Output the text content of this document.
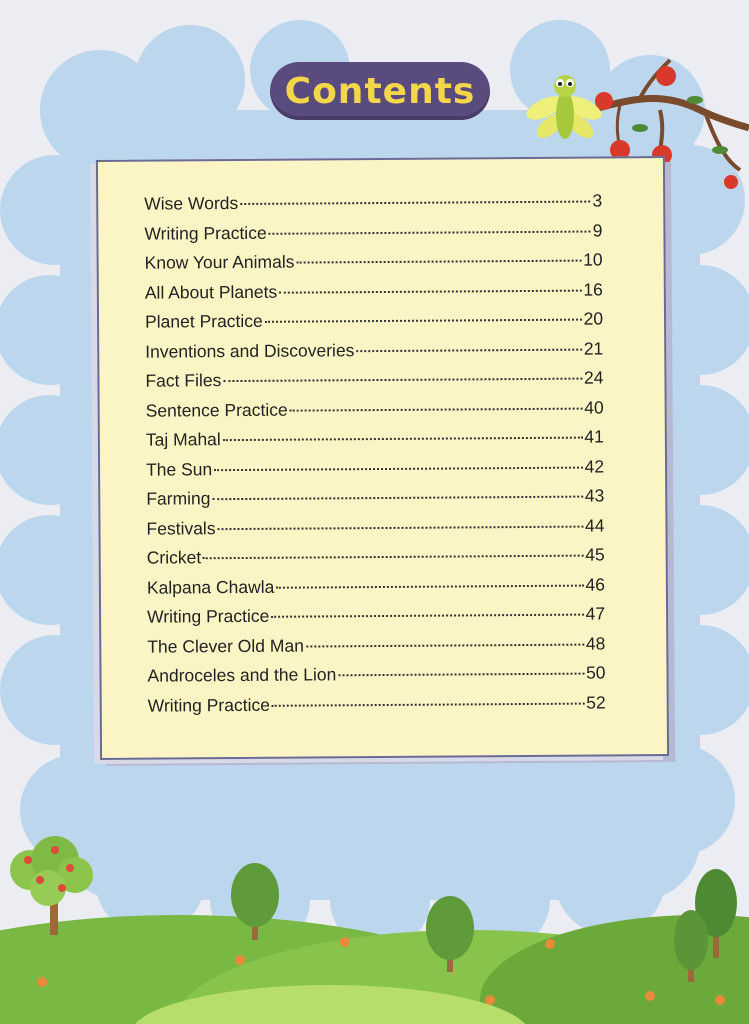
Contents
Wise Words	3
Writing Practice	9
Know Your Animals	10
All About Planets	16
Planet Practice	20
Inventions and Discoveries	21
Fact Files	24
Sentence Practice	40
Taj Mahal	41
The Sun	42
Farming	43
Festivals	44
Cricket	45
Kalpana Chawla	46
Writing Practice	47
The Clever Old Man	48
Androceles and the Lion	50
Writing Practice	52
